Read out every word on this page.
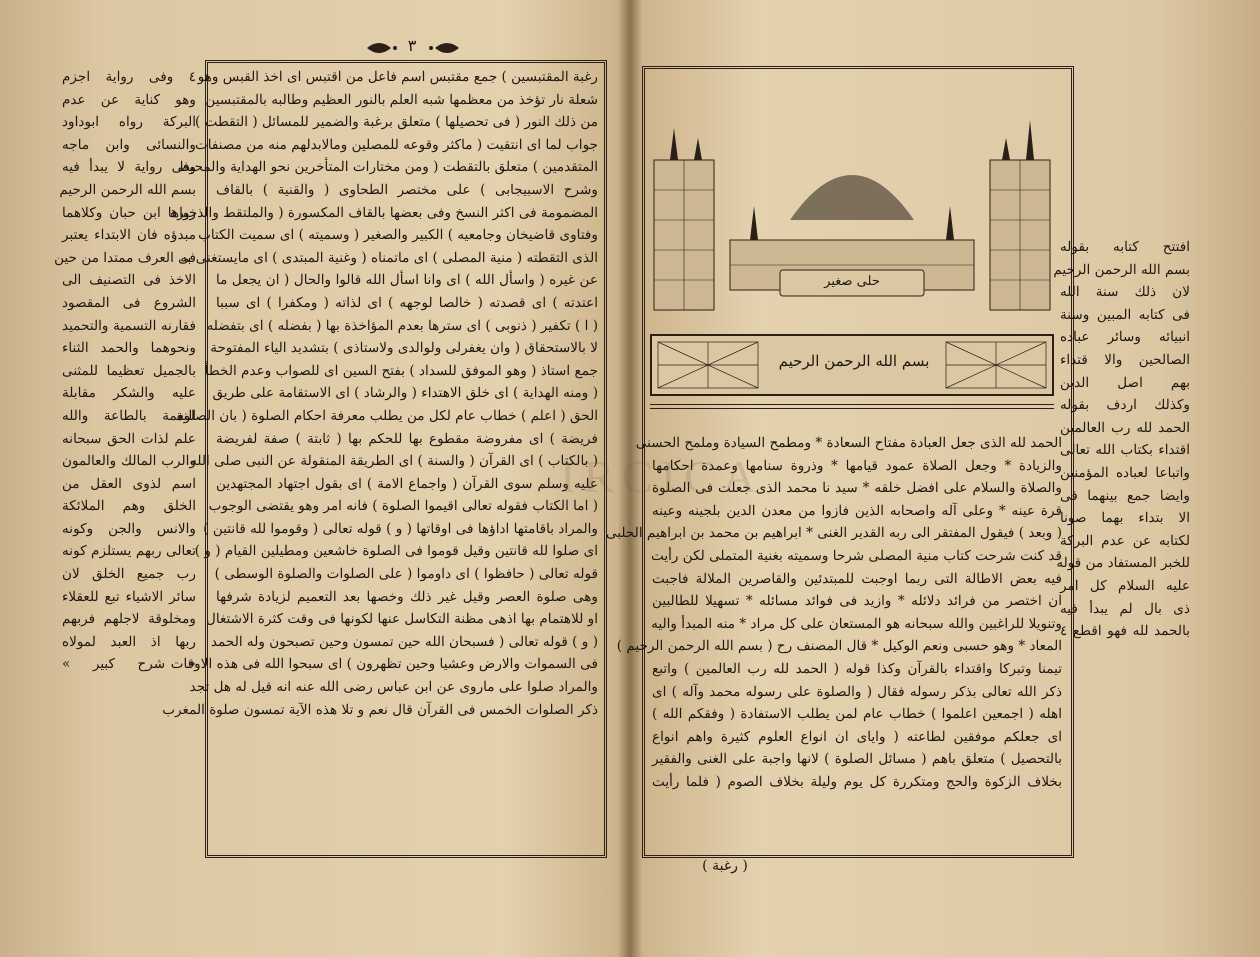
٣
رغبة المقتبسين ) جمع مقتبس اسم فاعل من اقتبس اى اخذ القبس وهو
شعلة نار تؤخذ من معظمها شبه العلم بالنور العظيم وطالبه بالمقتبسين
من ذلك النور ( فى تحصيلها ) متعلق برغبة والضمير للمسائل ( التقطت )
جواب لما اى انتقيت ( ماكثر وقوعه للمصلين ومالابدلهم منه من مصنفات
المتقدمين ) متعلق بالتقطت ( ومن مختارات المتأخرين نحو الهداية والمحيط
وشرح الاسبيجابى ) على مختصر الطحاوى ( والقنية ) بالقاف
المضمومة فى اكثر النسخ وفى بعضها بالقاف المكسورة ( والملتقط والذخيرة
وفتاوى قاضيخان وجامعيه ) الكبير والصغير ( وسميته ) اى سميت الكتاب
الذى التقطته ( منية المصلى ) اى ماتمناه ( وغنية المبتدى ) اى مايستغنى به
عن غيره ( واسأل الله ) اى وانا اسأل الله قالوا والحال ( ان يجعل ما
اعتدته ) اى قصدته ( خالصا لوجهه ) اى لذاته ( ومكفرا ) اى سببا
( ا ) تكفير ( ذنوبى ) اى سترها بعدم المؤاخذة بها ( بفضله ) اى بتفضله
لا بالاستحقاق ( وان يغفرلى ولوالدى ولاستاذى ) بتشديد الياء المفتوحة
جمع استاذ ( وهو الموفق للسداد ) بفتح السين اى للصواب وعدم الخطأ
( ومنه الهداية ) اى خلق الاهتداء ( والرشاد ) اى الاستقامة على طريق
الحق ( اعلم ) خطاب عام لكل من يطلب معرفة احكام الصلوة ( بان الصلوة
فريضة ) اى مفروضة مقطوع بها للحكم بها ( ثابتة ) صفة لفريضة
( بالكتاب ) اى القرآن ( والسنة ) اى الطريقة المنقولة عن النبى صلى الله
عليه وسلم سوى القرآن ( واجماع الامة ) اى بقول اجتهاد المجتهدين
( اما الكتاب فقوله تعالى اقيموا الصلوة ) فانه امر وهو يقتضى الوجوب
والمراد باقامتها اداؤها فى اوقاتها ( و ) قوله تعالى ( وقوموا لله قانتين )
اى صلوا لله قانتين وقيل قوموا فى الصلوة خاشعين ومطيلين القيام ( و )
قوله تعالى ( حافظوا ) اى داوموا ( على الصلوات والصلوة الوسطى )
وهى صلوة العصر وقيل غير ذلك وخصها بعد التعميم لزيادة شرفها
او للاهتمام بها اذهى مظنة التكاسل عنها لكونها فى وقت كثرة الاشتغال
( و ) قوله تعالى ( فسبحان الله حين تمسون وحين تصبحون وله الحمد
فى السموات والارض وعشيا وحين تظهرون ) اى سبحوا الله فى هذه الاوقات
والمراد صلوا على ماروى عن ابن عباس رضى الله عنه انه قيل له هل تجد
ذكر الصلوات الخمس فى القرآن قال نعم و تلا هذه الآية تمسون صلوة المغرب
٤ وفى رواية اجزم
وهو كناية عن عدم
البركة رواه ابوداود
والنسائى وابن ماجه
وفى رواية لا يبدأ فيه
بسم الله الرحمن الرحيم
رواها ابن حبان وكلاهما
مبدؤه فان الابتداء يعتبر
فى العرف ممتدا من حين
الاخذ فى التصنيف الى
الشروع فى المقصود
فقارنه التسمية والتحميد
ونحوهما والحمد الثناء
بالجميل تعظيما للمثنى
عليه والشكر مقابلة
النعمة بالطاعة والله
علم لذات الحق سبحانه
والرب المالك والعالمون
اسم لذوى العقل من
الخلق وهم الملائكة
والانس والجن وكونه
تعالى ربهم يستلزم كونه
رب جميع الخلق لان
سائر الاشياء تبع للعقلاء
ومخلوقة لاجلهم فربهم
ربها اذ العبد لمولاه
« شرح كبير »
حلى صغير
بسم الله الرحمن الرحيم
الحمد لله الذى جعل العبادة مفتاح السعادة * ومطمح السيادة وملمح الحسنى
والزيادة * وجعل الصلاة عمود قيامها * وذروة سنامها وعمدة احكامها
والصلاة والسلام على افضل خلقه * سيد نا محمد الذى جعلت فى الصلوة
قرة عينه * وعلى آله واصحابه الذين فازوا من معدن الدين بلجينه وعينه
( وبعد ) فيقول المفتقر الى ربه القدير الغنى * ابراهيم بن محمد بن ابراهيم الحلبى
قد كنت شرحت كتاب منية المصلى شرحا وسميته بغنية المتملى لكن رأيت
فيه بعض الاطالة التى ربما اوجبت للمبتدئين والقاصرين الملالة فاجبت
ان اختصر من فرائد دلائله * وازيد فى فوائد مسائله * تسهيلا للطالبين
وتنويلا للراغبين والله سبحانه هو المستعان على كل مراد * منه المبدأ واليه
المعاد * وهو حسبى ونعم الوكيل * قال المصنف رح ( بسم الله الرحمن الرحيم )
تيمنا وتبركا واقتداء بالقرآن وكذا قوله ( الحمد لله رب العالمين ) واتبع
ذكر الله تعالى بذكر رسوله فقال ( والصلوة على رسوله محمد وآله ) اى
اهله ( اجمعين اعلموا ) خطاب عام لمن يطلب الاستفادة ( وفقكم الله )
اى جعلكم موفقين لطاعته ( واياى ان انواع العلوم كثيرة واهم انواع
بالتحصيل ) متعلق باهم ( مسائل الصلوة ) لانها واجبة على الغنى والفقير
بخلاف الزكوة والحج ومتكررة كل يوم وليلة بخلاف الصوم ( فلما رأيت
افتتح كتابه بقوله
بسم الله الرحمن الرحيم
لان ذلك سنة الله
فى كتابه المبين وسنة
انبيائه وسائر عباده
الصالحين والا قتداء
بهم اصل الدين
وكذلك اردف بقوله
الحمد لله رب العالمين
اقتداء بكتاب الله تعالى
واتباعا لعباده المؤمنين
وايضا جمع بينهما فى
الا بتداء بهما صونا
لكتابه عن عدم البركة
للخبر المستفاد من قوله
عليه السلام كل امر
ذى بال لم يبدأ فيه
بالحمد لله فهو اقطع ٤
( رغبة )
IRCICA
